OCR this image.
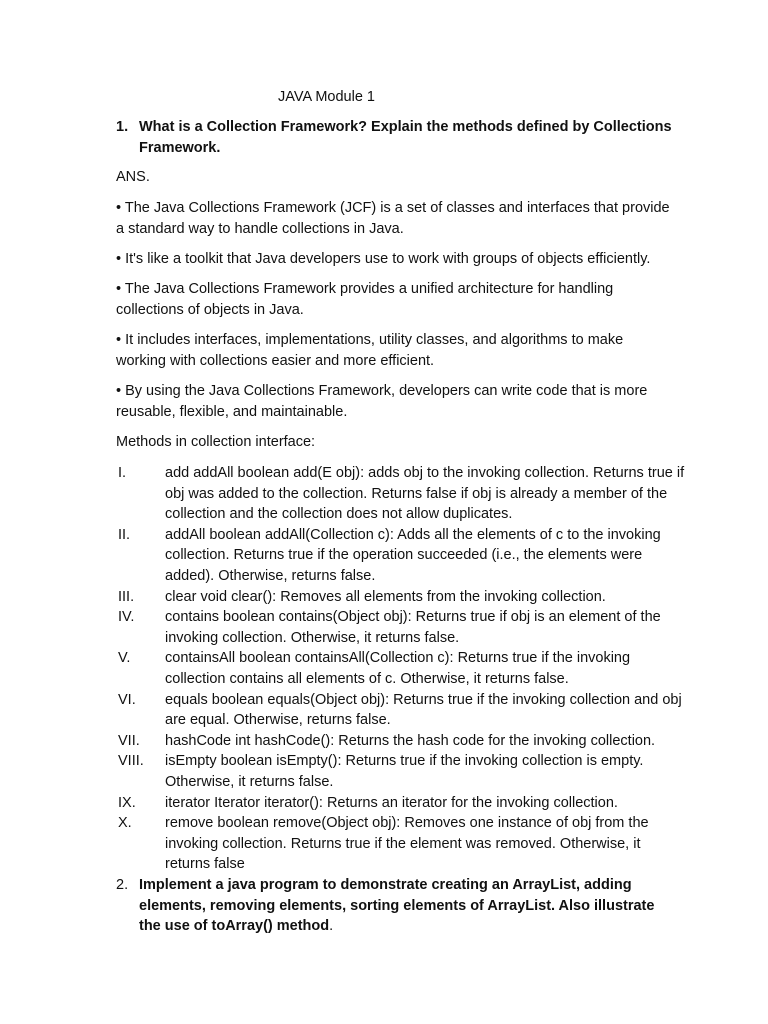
JAVA Module 1
1. What is a Collection Framework? Explain the methods defined by Collections Framework.
ANS.
• The Java Collections Framework (JCF) is a set of classes and interfaces that provide a standard way to handle collections in Java.
• It's like a toolkit that Java developers use to work with groups of objects efficiently.
• The Java Collections Framework provides a unified architecture for handling collections of objects in Java.
• It includes interfaces, implementations, utility classes, and algorithms to make working with collections easier and more efficient.
• By using the Java Collections Framework, developers can write code that is more reusable, flexible, and maintainable.
Methods in collection interface:
I.	add addAll boolean add(E obj): adds obj to the invoking collection. Returns true if obj was added to the collection. Returns false if obj is already a member of the collection and the collection does not allow duplicates.
II. addAll boolean addAll(Collection c): Adds all the elements of c to the invoking collection. Returns true if the operation succeeded (i.e., the elements were added). Otherwise, returns false.
III. clear void clear(): Removes all elements from the invoking collection.
IV. contains boolean contains(Object obj): Returns true if obj is an element of the invoking collection. Otherwise, it returns false.
V. containsAll boolean containsAll(Collection c): Returns true if the invoking collection contains all elements of c. Otherwise, it returns false.
VI. equals boolean equals(Object obj): Returns true if the invoking collection and obj are equal. Otherwise, returns false.
VII. hashCode int hashCode(): Returns the hash code for the invoking collection.
VIII. isEmpty boolean isEmpty(): Returns true if the invoking collection is empty. Otherwise, it returns false.
IX. iterator Iterator iterator(): Returns an iterator for the invoking collection.
X. remove boolean remove(Object obj): Removes one instance of obj from the invoking collection. Returns true if the element was removed. Otherwise, it returns false
2. Implement a java program to demonstrate creating an ArrayList, adding elements, removing elements, sorting elements of ArrayList. Also illustrate the use of toArray() method.
